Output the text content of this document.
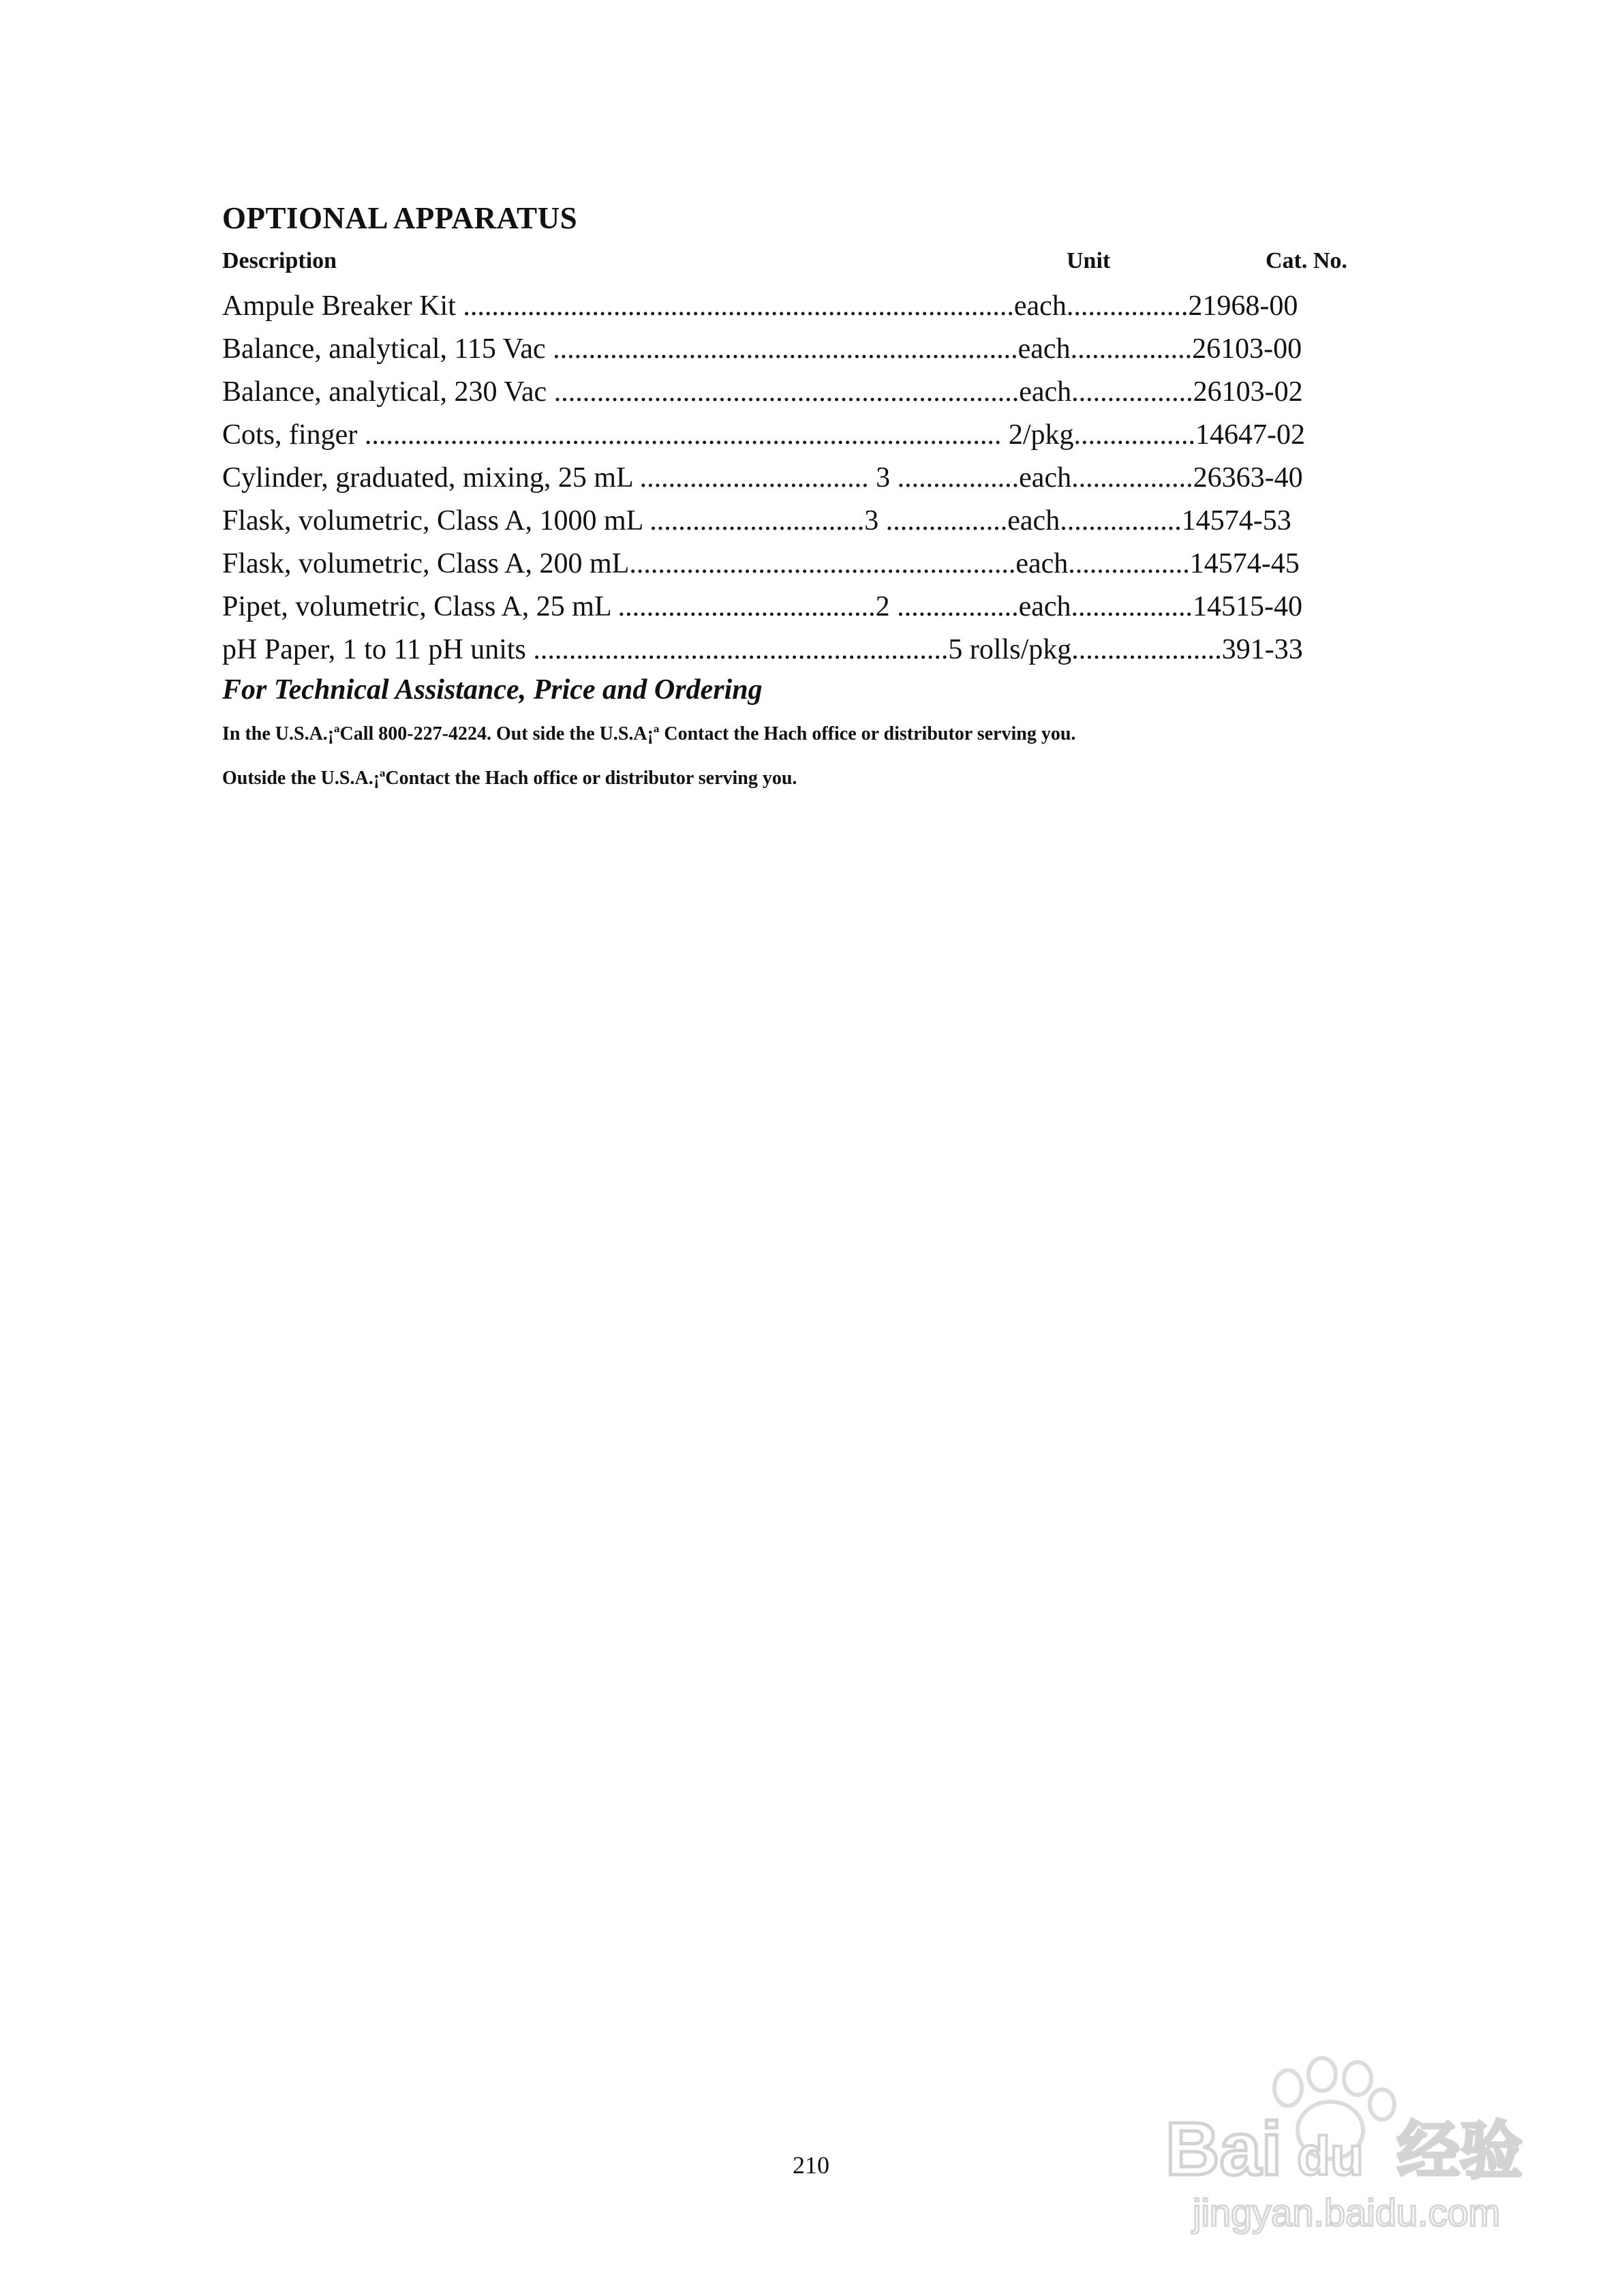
OPTIONAL APPARATUS
Description	Unit	Cat. No.
Ampule Breaker Kit .............................................................................each.................21968-00
Balance, analytical, 115 Vac .................................................................each.................26103-00
Balance, analytical, 230 Vac .................................................................each.................26103-02
Cots, finger ......................................................................................... 2/pkg.................14647-02
Cylinder, graduated, mixing, 25 mL ................................ 3 .................each.................26363-40
Flask, volumetric, Class A, 1000 mL ..............................3 .................each.................14574-53
Flask, volumetric, Class A, 200 mL......................................................each.................14574-45
Pipet, volumetric, Class A, 25 mL ....................................2 .................each.................14515-40
pH Paper, 1 to 11 pH units ..........................................................5 rolls/pkg.....................391-33
For Technical Assistance, Price and Ordering
In the U.S.A.¡ªCall 800-227-4224. Out side the U.S.A¡ª Contact the Hach office or distributor serving you.
Outside the U.S.A.¡ªContact the Hach office or distributor serving you.
210	Bai du 经验
jingyan.baidu.com
